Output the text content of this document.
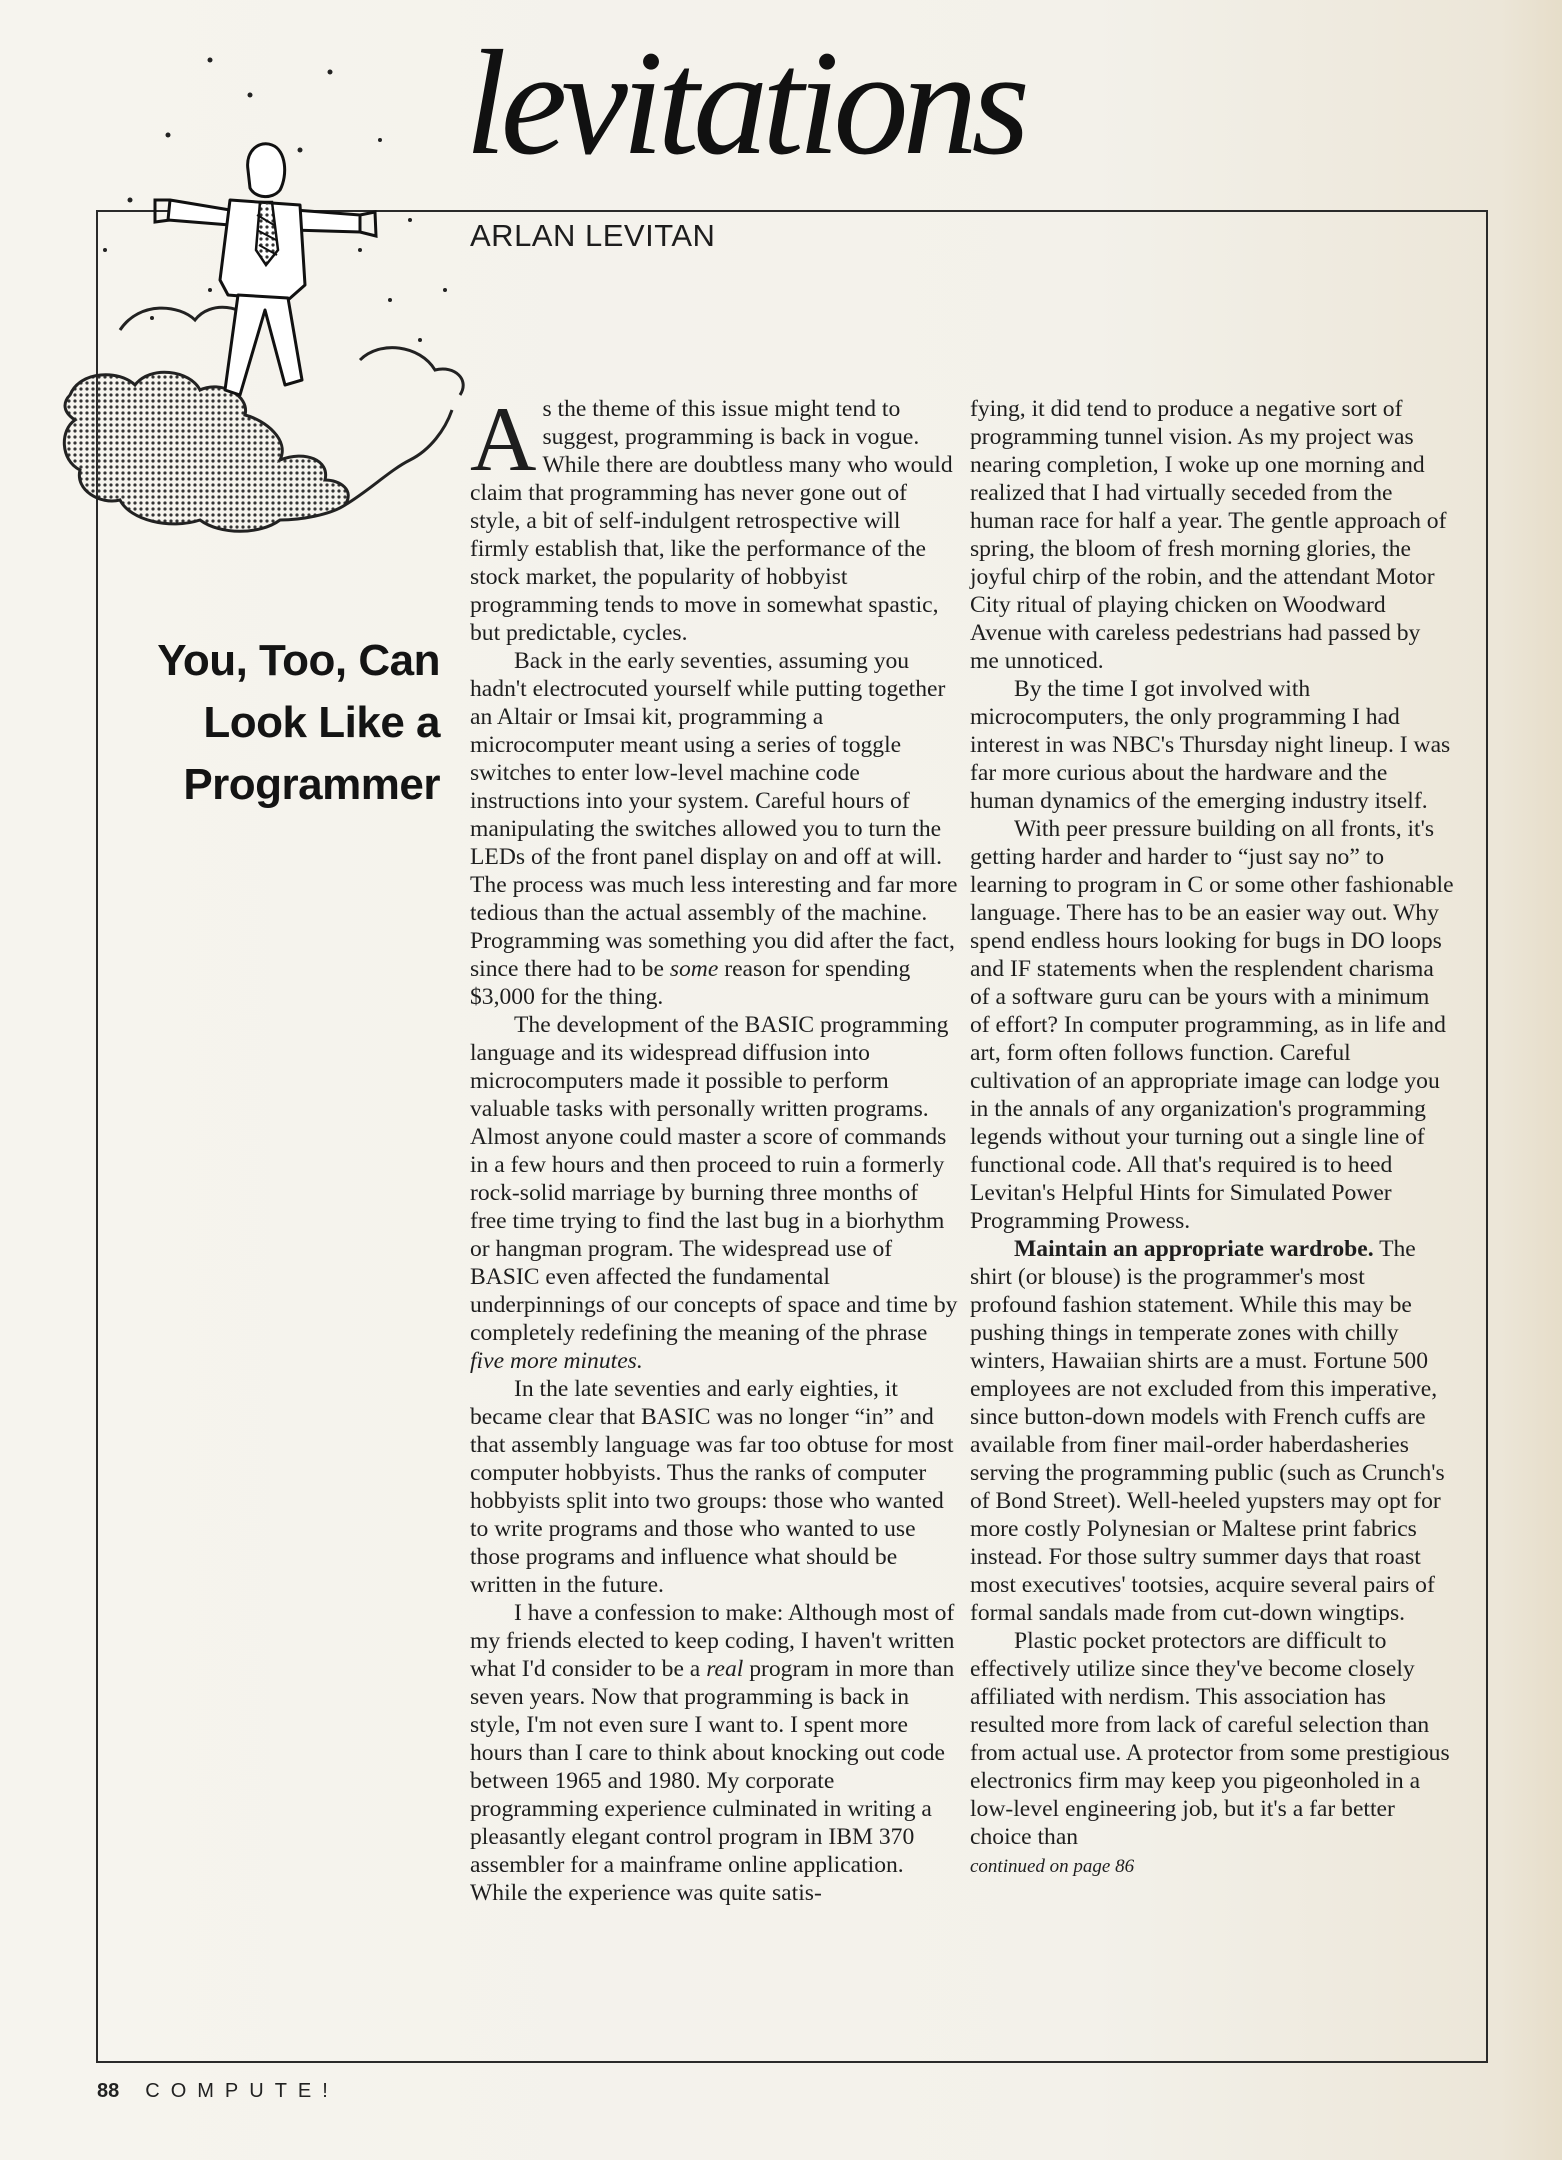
levitations
ARLAN LEVITAN
You, Too, Can
Look Like a
Programmer

As the theme of this issue might tend to suggest, programming is back in vogue. While there are doubtless many who would claim that programming has never gone out of style, a bit of self-indulgent retrospective will firmly establish that, like the performance of the stock market, the popularity of hobbyist programming tends to move in somewhat spastic, but predictable, cycles.

Back in the early seventies, assuming you hadn't electrocuted yourself while putting together an Altair or Imsai kit, programming a microcomputer meant using a series of toggle switches to enter low-level machine code instructions into your system. Careful hours of manipulating the switches allowed you to turn the LEDs of the front panel display on and off at will. The process was much less interesting and far more tedious than the actual assembly of the machine. Programming was something you did after the fact, since there had to be some reason for spending $3,000 for the thing.

The development of the BASIC programming language and its widespread diffusion into microcomputers made it possible to perform valuable tasks with personally written programs. Almost anyone could master a score of commands in a few hours and then proceed to ruin a formerly rock-solid marriage by burning three months of free time trying to find the last bug in a biorhythm or hangman program. The widespread use of BASIC even affected the fundamental underpinnings of our concepts of space and time by completely redefining the meaning of the phrase five more minutes.

In the late seventies and early eighties, it became clear that BASIC was no longer “in” and that assembly language was far too obtuse for most computer hobbyists. Thus the ranks of computer hobbyists split into two groups: those who wanted to write programs and those who wanted to use those programs and influence what should be written in the future.

I have a confession to make: Although most of my friends elected to keep coding, I haven't written what I'd consider to be a real program in more than seven years. Now that programming is back in style, I'm not even sure I want to. I spent more hours than I care to think about knocking out code between 1965 and 1980. My corporate programming experience culminated in writing a pleasantly elegant control program in IBM 370 assembler for a mainframe online application. While the experience was quite satis-

fying, it did tend to produce a negative sort of programming tunnel vision. As my project was nearing completion, I woke up one morning and realized that I had virtually seceded from the human race for half a year. The gentle approach of spring, the bloom of fresh morning glories, the joyful chirp of the robin, and the attendant Motor City ritual of playing chicken on Woodward Avenue with careless pedestrians had passed by me unnoticed.

By the time I got involved with microcomputers, the only programming I had interest in was NBC's Thursday night lineup. I was far more curious about the hardware and the human dynamics of the emerging industry itself.

With peer pressure building on all fronts, it's getting harder and harder to “just say no” to learning to program in C or some other fashionable language. There has to be an easier way out. Why spend endless hours looking for bugs in DO loops and IF statements when the resplendent charisma of a software guru can be yours with a minimum of effort? In computer programming, as in life and art, form often follows function. Careful cultivation of an appropriate image can lodge you in the annals of any organization's programming legends without your turning out a single line of functional code. All that's required is to heed Levitan's Helpful Hints for Simulated Power Programming Prowess.

Maintain an appropriate wardrobe. The shirt (or blouse) is the programmer's most profound fashion statement. While this may be pushing things in temperate zones with chilly winters, Hawaiian shirts are a must. Fortune 500 employees are not excluded from this imperative, since button-down models with French cuffs are available from finer mail-order haberdasheries serving the programming public (such as Crunch's of Bond Street). Well-heeled yupsters may opt for more costly Polynesian or Maltese print fabrics instead. For those sultry summer days that roast most executives' tootsies, acquire several pairs of formal sandals made from cut-down wingtips.

Plastic pocket protectors are difficult to effectively utilize since they've become closely affiliated with nerdism. This association has resulted more from lack of careful selection than from actual use. A protector from some prestigious electronics firm may keep you pigeonholed in a low-level engineering job, but it's a far better choice than
continued on page 86

88 COMPUTE!
